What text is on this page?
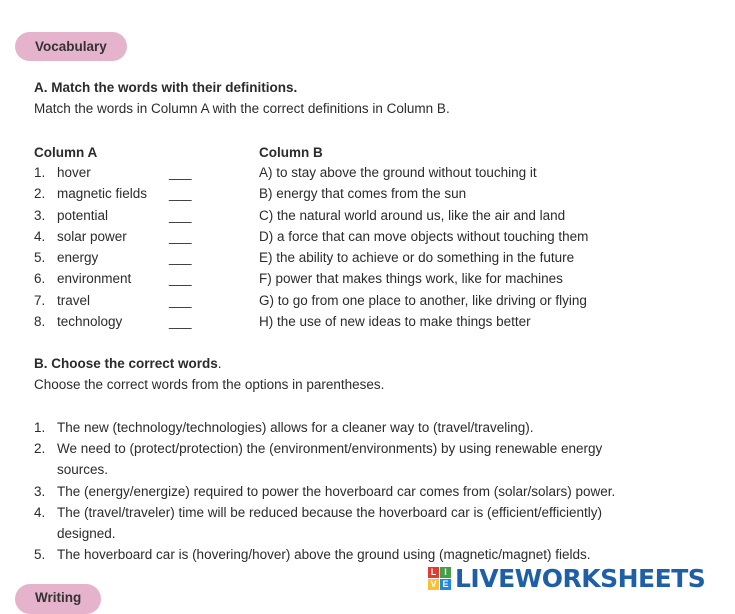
Vocabulary
A. Match the words with their definitions.
Match the words in Column A with the correct definitions in Column B.
Column A	Column B
1. hover	___	A) to stay above the ground without touching it
2. magnetic fields ___	B) energy that comes from the sun
3. potential	___	C) the natural world around us, like the air and land
4. solar power	___	D) a force that can move objects without touching them
5. energy	___	E) the ability to achieve or do something in the future
6. environment	___	F) power that makes things work, like for machines
7. travel	___	G) to go from one place to another, like driving or flying
8. technology	___	H) the use of new ideas to make things better
B. Choose the correct words.
Choose the correct words from the options in parentheses.
1. The new (technology/technologies) allows for a cleaner way to (travel/traveling).
2. We need to (protect/protection) the (environment/environments) by using renewable energy
sources.
3. The (energy/energize) required to power the hoverboard car comes from (solar/solars) power.
4. The (travel/traveler) time will be reduced because the hoverboard car is (efficient/efficiently)
designed.
5. The hoverboard car is (hovering/hover) above the ground using (magnetic/magnet) fields.
Writing
L I
V E LIVEWORKSHEETS
